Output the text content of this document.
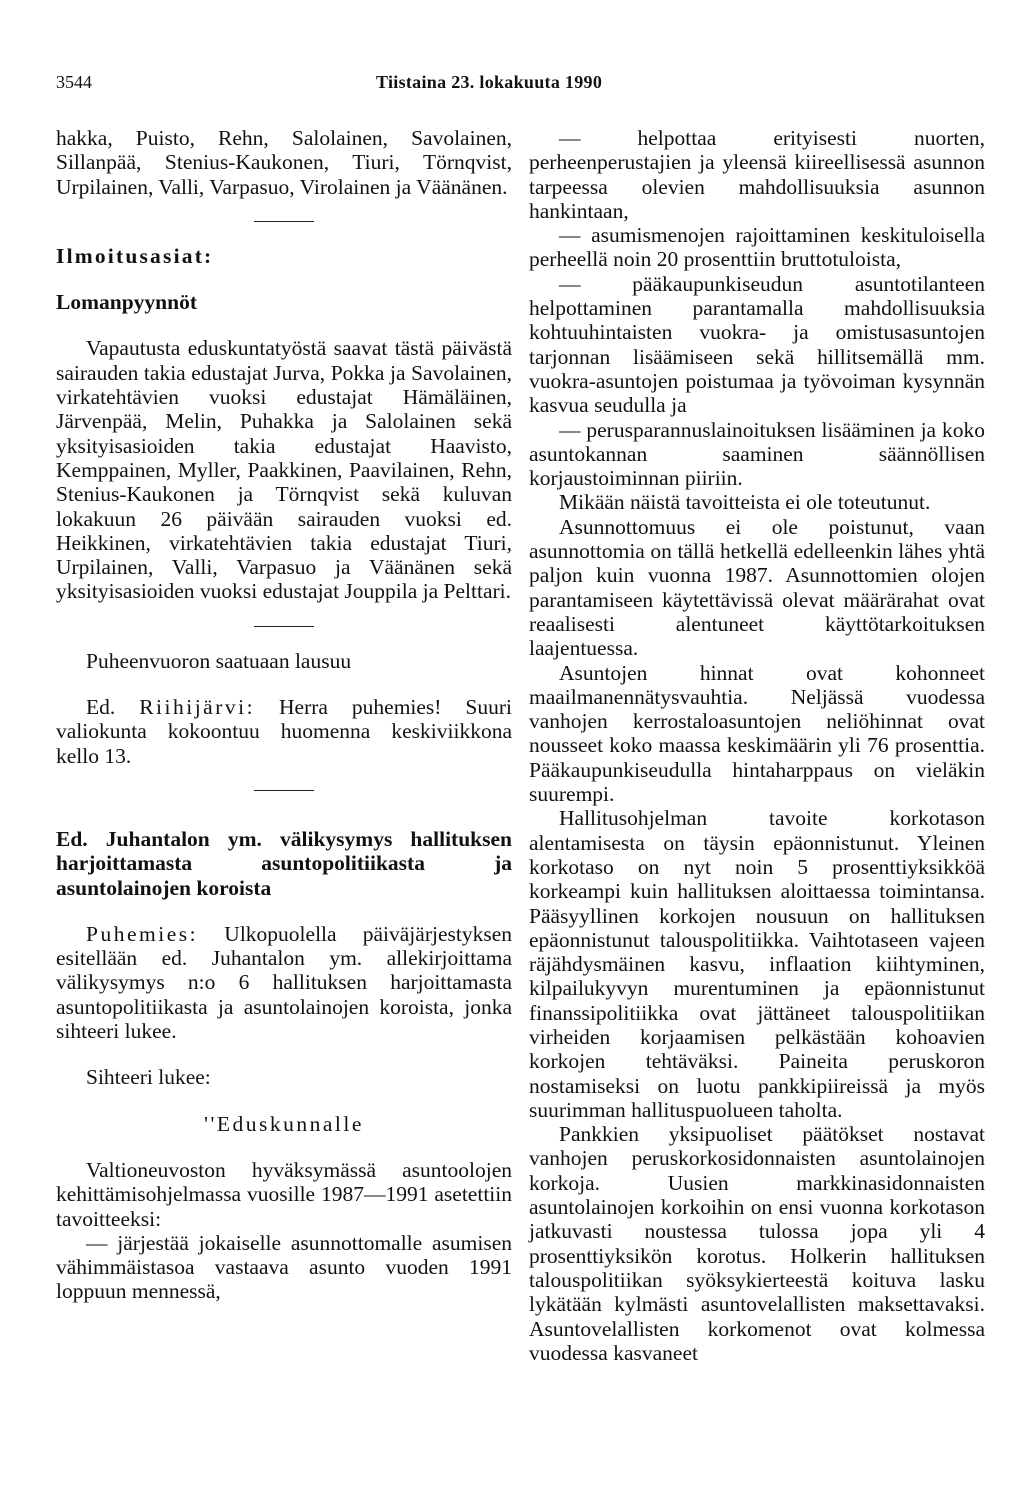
3544	Tiistaina 23. lokakuuta 1990

hakka, Puisto, Rehn, Salolainen, Savolainen, Sillanpää, Stenius-Kaukonen, Tiuri, Törnqvist, Urpilainen, Valli, Varpasuo, Virolainen ja Väänänen.

Ilmoitusasiat:

Lomanpyynnöt

Vapautusta eduskuntatyöstä saavat tästä päivästä sairauden takia edustajat Jurva, Pokka ja Savolainen, virkatehtävien vuoksi edustajat Hämäläinen, Järvenpää, Melin, Puhakka ja Salolainen sekä yksityisasioiden takia edustajat Haavisto, Kemppainen, Myller, Paakkinen, Paavilainen, Rehn, Stenius-Kaukonen ja Törnqvist sekä kuluvan lokakuun 26 päivään sairauden vuoksi ed. Heikkinen, virkatehtävien takia edustajat Tiuri, Urpilainen, Valli, Varpasuo ja Väänänen sekä yksityisasioiden vuoksi edustajat Jouppila ja Pelttari.

Puheenvuoron saatuaan lausuu

Ed. Riihijärvi: Herra puhemies! Suuri valiokunta kokoontuu huomenna keskiviikkona kello 13.

Ed. Juhantalon ym. välikysymys hallituksen harjoittamasta asuntopolitiikasta ja asuntolainojen koroista

Puhemies: Ulkopuolella päiväjärjestyksen esitellään ed. Juhantalon ym. allekirjoittama välikysymys n:o 6 hallituksen harjoittamasta asuntopolitiikasta ja asuntolainojen koroista, jonka sihteeri lukee.

Sihteeri lukee:

''Eduskunnalle

Valtioneuvoston hyväksymässä asuntoolojen kehittämisohjelmassa vuosille 1987—1991 asetettiin tavoitteeksi:

— järjestää jokaiselle asunnottomalle asumisen vähimmäistasoa vastaava asunto vuoden 1991 loppuun mennessä,

— helpottaa erityisesti nuorten, perheenperustajien ja yleensä kiireellisessä asunnon tarpeessa olevien mahdollisuuksia asunnon hankintaan,

— asumismenojen rajoittaminen keskituloisella perheellä noin 20 prosenttiin bruttotuloista,

— pääkaupunkiseudun asuntotilanteen helpottaminen parantamalla mahdollisuuksia kohtuuhintaisten vuokra- ja omistusasuntojen tarjonnan lisäämiseen sekä hillitsemällä mm. vuokra-asuntojen poistumaa ja työvoiman kysynnän kasvua seudulla ja

— perusparannuslainoituksen lisääminen ja koko asuntokannan saaminen säännöllisen korjaustoiminnan piiriin.

Mikään näistä tavoitteista ei ole toteutunut.

Asunnottomuus ei ole poistunut, vaan asunnottomia on tällä hetkellä edelleenkin lähes yhtä paljon kuin vuonna 1987. Asunnottomien olojen parantamiseen käytettävissä olevat määrärahat ovat reaalisesti alentuneet käyttötarkoituksen laajentuessa.

Asuntojen hinnat ovat kohonneet maailmanennätysvauhtia. Neljässä vuodessa vanhojen kerrostaloasuntojen neliöhinnat ovat nousseet koko maassa keskimäärin yli 76 prosenttia. Pääkaupunkiseudulla hintaharppaus on vieläkin suurempi.

Hallitusohjelman tavoite korkotason alentamisesta on täysin epäonnistunut. Yleinen korkotaso on nyt noin 5 prosenttiyksikköä korkeampi kuin hallituksen aloittaessa toimintansa. Pääsyyllinen korkojen nousuun on hallituksen epäonnistunut talouspolitiikka. Vaihtotaseen vajeen räjähdysmäinen kasvu, inflaation kiihtyminen, kilpailukyvyn murentuminen ja epäonnistunut finanssipolitiikka ovat jättäneet talouspolitiikan virheiden korjaamisen pelkästään kohoavien korkojen tehtäväksi. Paineita peruskoron nostamiseksi on luotu pankkipiireissä ja myös suurimman hallituspuolueen taholta.

Pankkien yksipuoliset päätökset nostavat vanhojen peruskorkosidonnaisten asuntolainojen korkoja. Uusien markkinasidonnaisten asuntolainojen korkoihin on ensi vuonna korkotason jatkuvasti noustessa tulossa jopa yli 4 prosenttiyksikön korotus. Holkerin hallituksen talouspolitiikan syöksykierteestä koituva lasku lykätään kylmästi asuntovelallisten maksettavaksi. Asuntovelallisten korkomenot ovat kolmessa vuodessa kasvaneet
